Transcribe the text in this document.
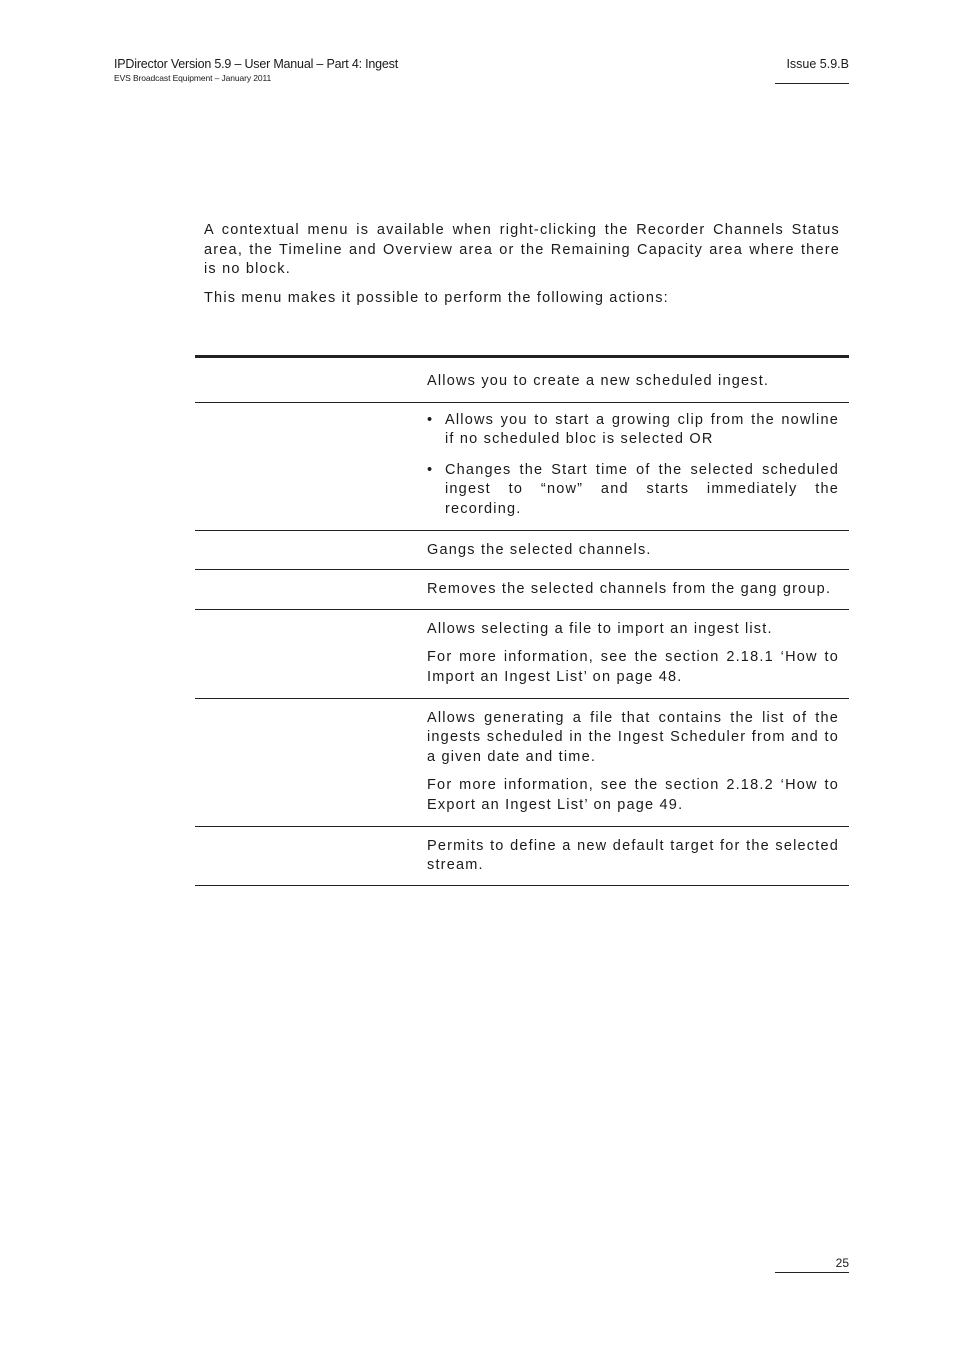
IPDirector Version 5.9 – User Manual – Part 4: Ingest
EVS Broadcast Equipment – January 2011
Issue 5.9.B
A contextual menu is available when right-clicking the Recorder Channels Status area, the Timeline and Overview area or the Remaining Capacity area where there is no block.
This menu makes it possible to perform the following actions:

Allows you to create a new scheduled ingest.

• Allows you to start a growing clip from the nowline if no scheduled bloc is selected OR
• Changes the Start time of the selected scheduled ingest to “now” and starts immediately the recording.

Gangs the selected channels.

Removes the selected channels from the gang group.

Allows selecting a file to import an ingest list.

For more information, see the section 2.18.1 ‘How to Import an Ingest List’ on page 48.

Allows generating a file that contains the list of the ingests scheduled in the Ingest Scheduler from and to a given date and time.

For more information, see the section 2.18.2 ‘How to Export an Ingest List’ on page 49.

Permits to define a new default target for the selected stream.

25
